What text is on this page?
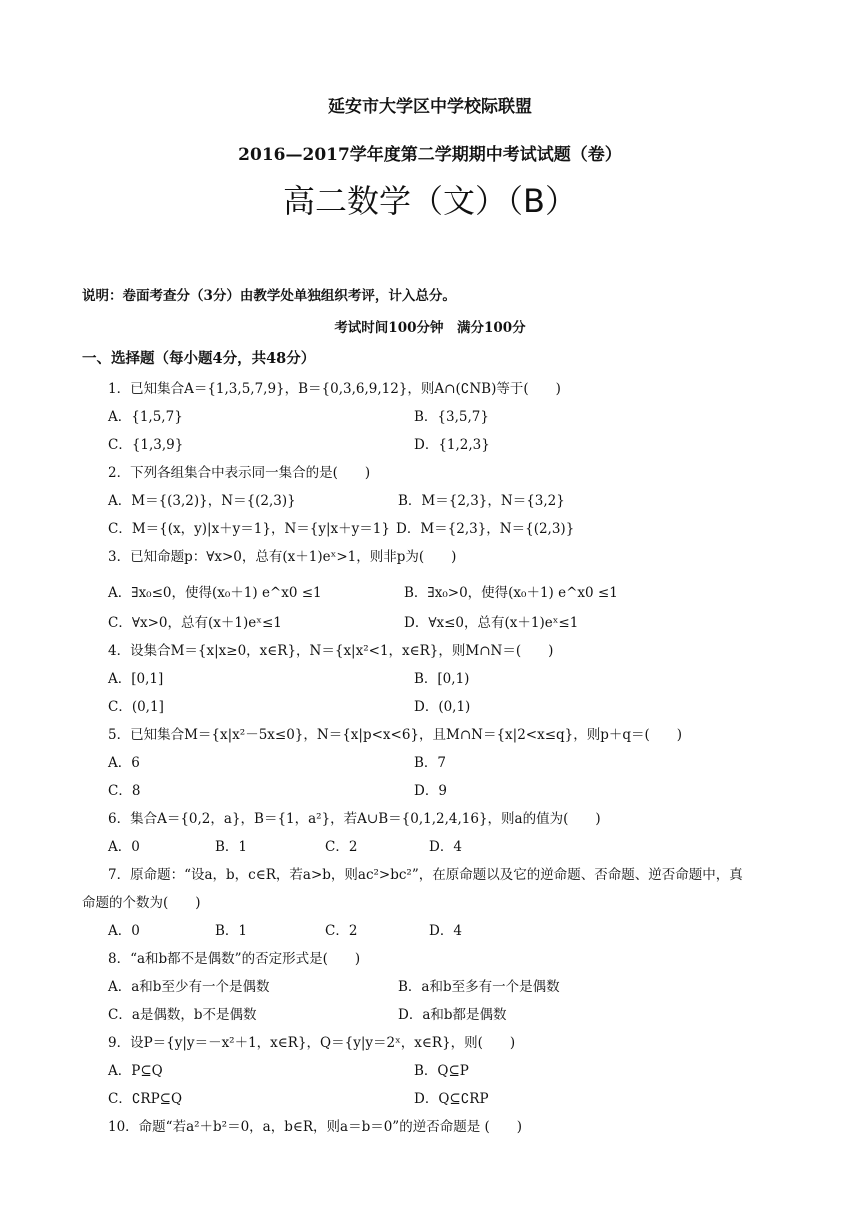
延安市大学区中学校际联盟
2016—2017学年度第二学期期中考试试题（卷）
高二数学（文）（B）
说明：卷面考查分（3分）由教学处单独组织考评，计入总分。
考试时间100分钟　满分100分
一、选择题（每小题4分，共48分）
1．已知集合A＝{1,3,5,7,9}，B＝{0,3,6,9,12}，则A∩(∁NB)等于(　　)
A．{1,5,7}	B．{3,5,7}
C．{1,3,9}	D．{1,2,3}
2．下列各组集合中表示同一集合的是(　　)
A．M＝{(3,2)}，N＝{(2,3)}	B．M＝{2,3}，N＝{3,2}
C．M＝{(x，y)|x＋y＝1}，N＝{y|x＋y＝1} D．M＝{2,3}，N＝{(2,3)}
3．已知命题p：∀x>0，总有(x＋1)eˣ>1，则非p为(　　)
A．∃x₀≤0，使得(x₀＋1) e^x0 ≤1	B．∃x₀>0，使得(x₀＋1) e^x0 ≤1
C．∀x>0，总有(x＋1)eˣ≤1	D．∀x≤0，总有(x＋1)eˣ≤1
4．设集合M＝{x|x≥0，x∈R}，N＝{x|x²<1，x∈R}，则M∩N＝(　　)
A．[0,1]	B．[0,1)
C．(0,1]	D．(0,1)
5．已知集合M＝{x|x²－5x≤0}，N＝{x|p<x<6}，且M∩N＝{x|2<x≤q}，则p＋q＝(　　)
A．6	B．7
C．8	D．9
6．集合A＝{0,2，a}，B＝{1，a²}，若A∪B＝{0,1,2,4,16}，则a的值为(　　)
A．0	B．1	C．2	D．4
7．原命题：“设a，b，c∈R，若a>b，则ac²>bc²”，在原命题以及它的逆命题、否命题、逆否命题中，真
命题的个数为(　　)
A．0	B．1	C．2	D．4
8．“a和b都不是偶数”的否定形式是(　　)
A．a和b至少有一个是偶数	B．a和b至多有一个是偶数
C．a是偶数，b不是偶数	D．a和b都是偶数
9．设P＝{y|y＝－x²＋1，x∈R}，Q＝{y|y＝2ˣ，x∈R}，则(　　)
A．P⊆Q	B．Q⊆P
C．∁RP⊆Q	D．Q⊆∁RP
10．命题“若a²＋b²＝0，a，b∈R，则a＝b＝0”的逆否命题是 (　　)
